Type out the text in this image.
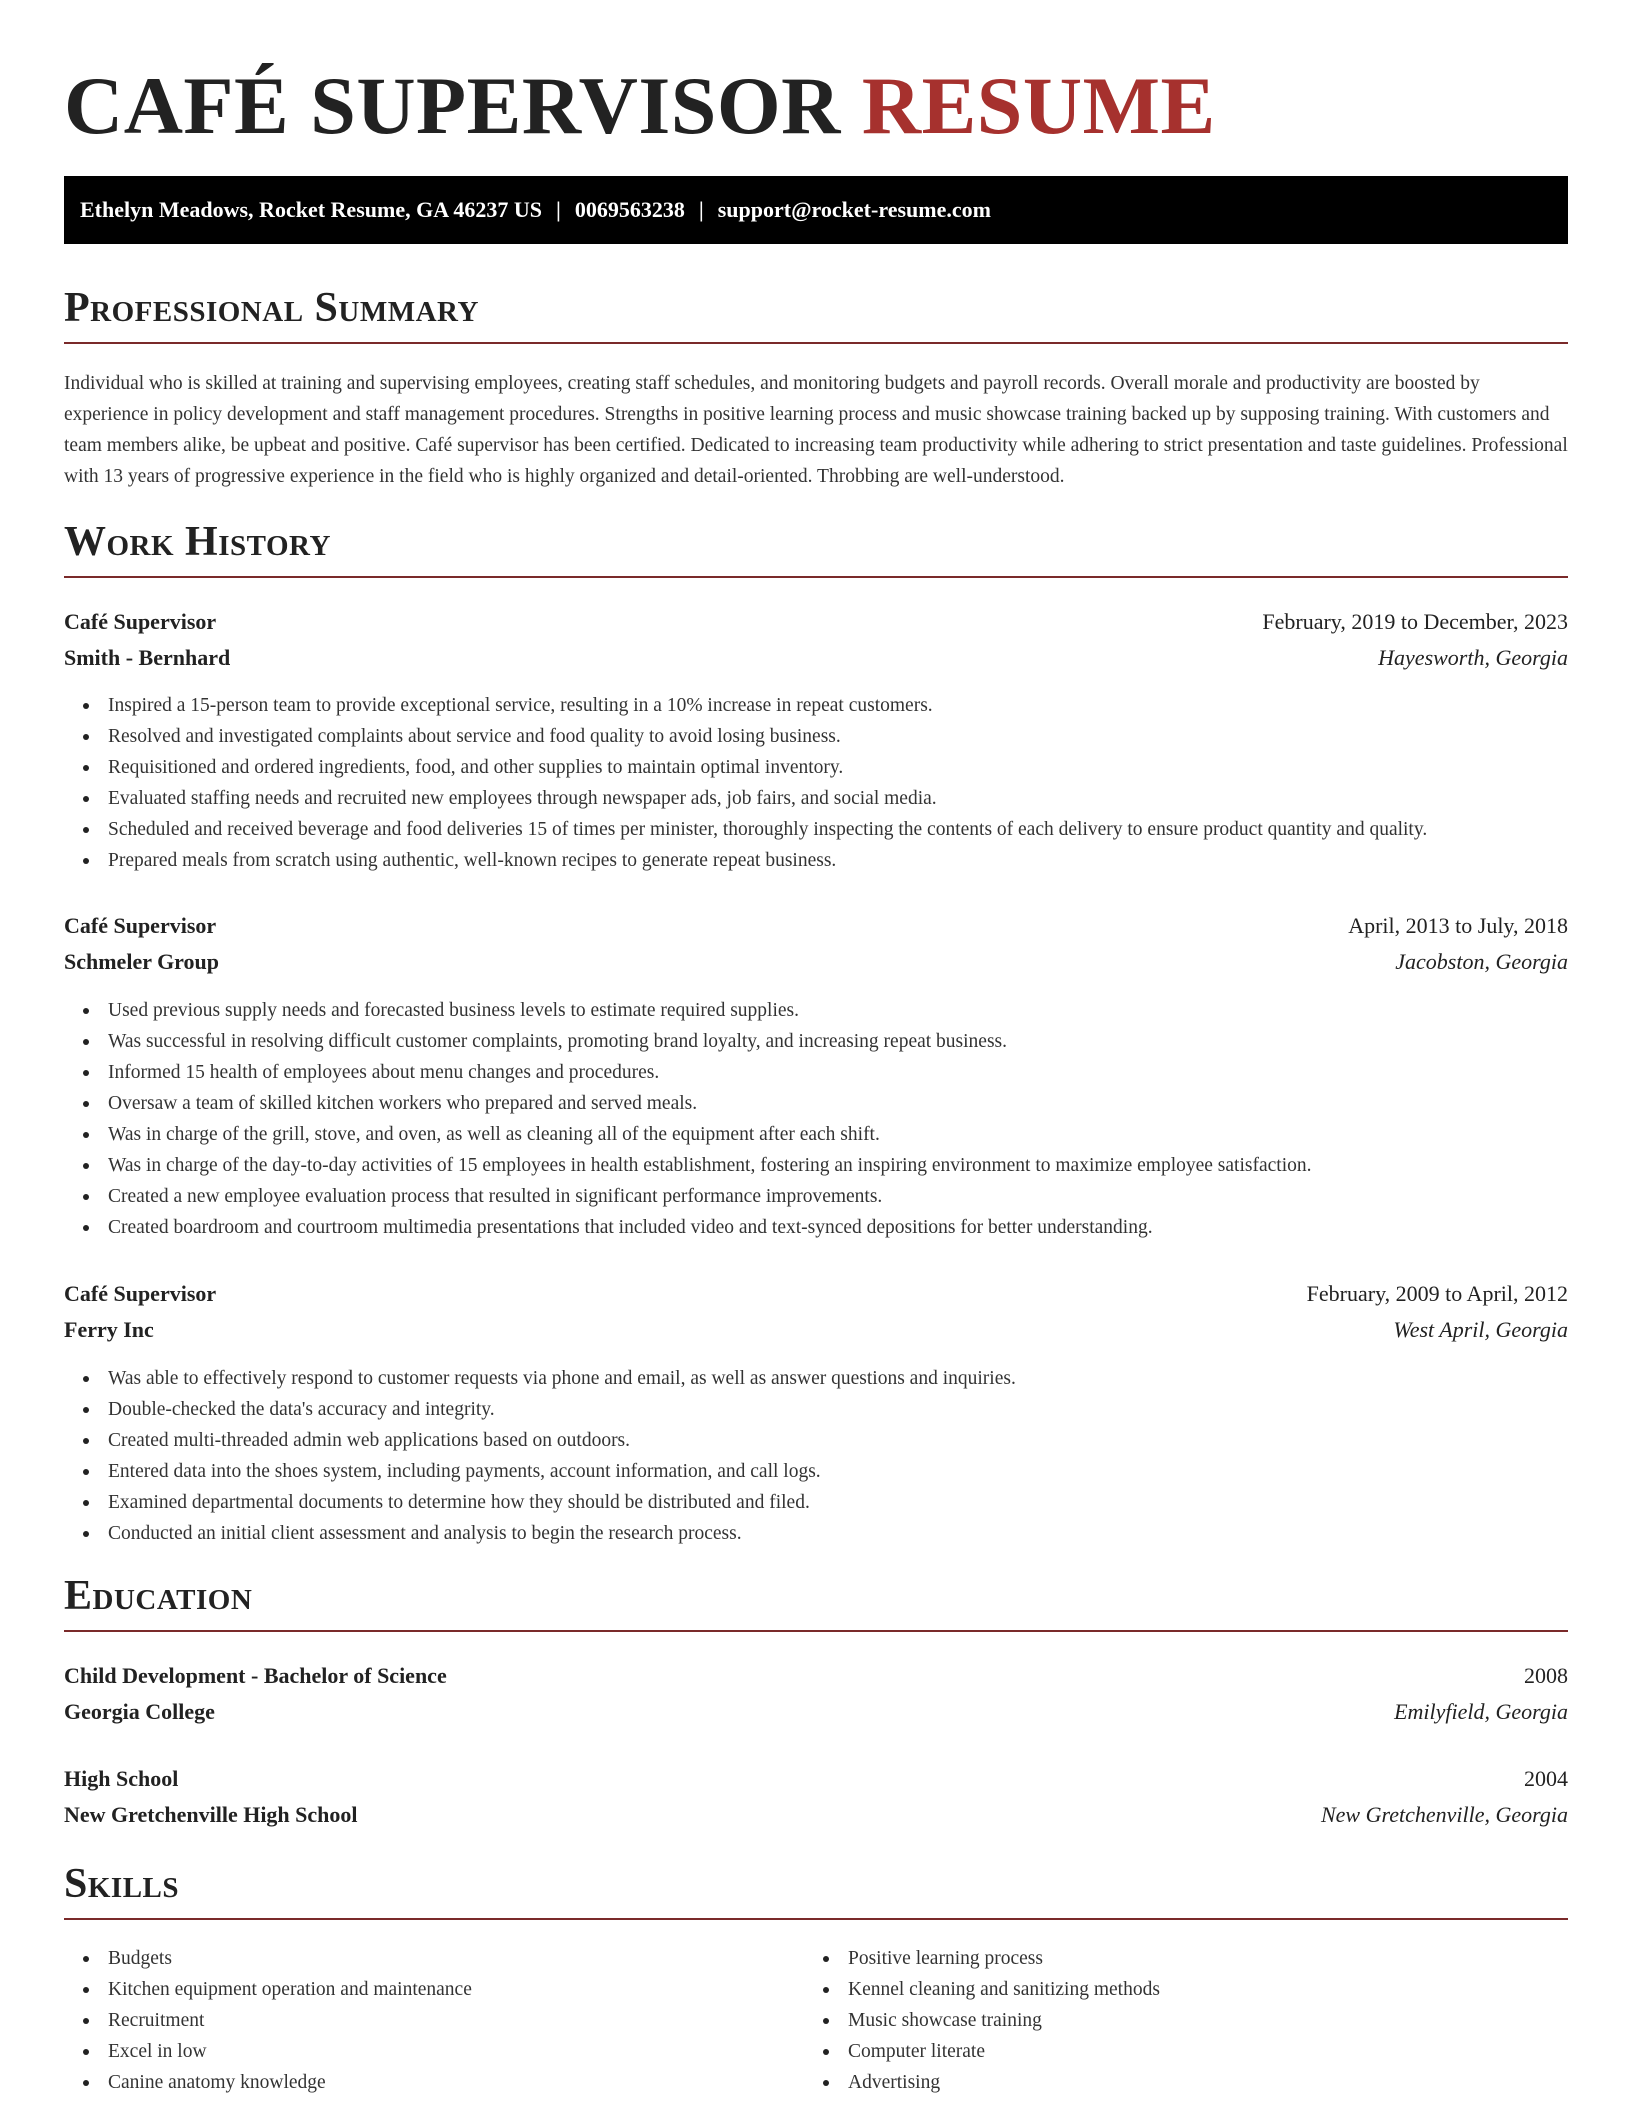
CAFÉ SUPERVISOR RESUME
Ethelyn Meadows, Rocket Resume, GA 46237 US | 0069563238 | support@rocket-resume.com
Professional Summary
Individual who is skilled at training and supervising employees, creating staff schedules, and monitoring budgets and payroll records. Overall morale and productivity are boosted by experience in policy development and staff management procedures. Strengths in positive learning process and music showcase training backed up by supposing training. With customers and team members alike, be upbeat and positive. Café supervisor has been certified. Dedicated to increasing team productivity while adhering to strict presentation and taste guidelines. Professional with 13 years of progressive experience in the field who is highly organized and detail-oriented. Throbbing are well-understood.
Work History
Café Supervisor	February, 2019 to December, 2023
Smith - Bernhard	Hayesworth, Georgia
Inspired a 15-person team to provide exceptional service, resulting in a 10% increase in repeat customers.
Resolved and investigated complaints about service and food quality to avoid losing business.
Requisitioned and ordered ingredients, food, and other supplies to maintain optimal inventory.
Evaluated staffing needs and recruited new employees through newspaper ads, job fairs, and social media.
Scheduled and received beverage and food deliveries 15 of times per minister, thoroughly inspecting the contents of each delivery to ensure product quantity and quality.
Prepared meals from scratch using authentic, well-known recipes to generate repeat business.
Café Supervisor	April, 2013 to July, 2018
Schmeler Group	Jacobston, Georgia
Used previous supply needs and forecasted business levels to estimate required supplies.
Was successful in resolving difficult customer complaints, promoting brand loyalty, and increasing repeat business.
Informed 15 health of employees about menu changes and procedures.
Oversaw a team of skilled kitchen workers who prepared and served meals.
Was in charge of the grill, stove, and oven, as well as cleaning all of the equipment after each shift.
Was in charge of the day-to-day activities of 15 employees in health establishment, fostering an inspiring environment to maximize employee satisfaction.
Created a new employee evaluation process that resulted in significant performance improvements.
Created boardroom and courtroom multimedia presentations that included video and text-synced depositions for better understanding.
Café Supervisor	February, 2009 to April, 2012
Ferry Inc	West April, Georgia
Was able to effectively respond to customer requests via phone and email, as well as answer questions and inquiries.
Double-checked the data's accuracy and integrity.
Created multi-threaded admin web applications based on outdoors.
Entered data into the shoes system, including payments, account information, and call logs.
Examined departmental documents to determine how they should be distributed and filed.
Conducted an initial client assessment and analysis to begin the research process.
Education
Child Development - Bachelor of Science	2008
Georgia College	Emilyfield, Georgia
High School	2004
New Gretchenville High School	New Gretchenville, Georgia
Skills
Budgets
Kitchen equipment operation and maintenance
Recruitment
Excel in low
Canine anatomy knowledge
Positive learning process
Kennel cleaning and sanitizing methods
Music showcase training
Computer literate
Advertising
